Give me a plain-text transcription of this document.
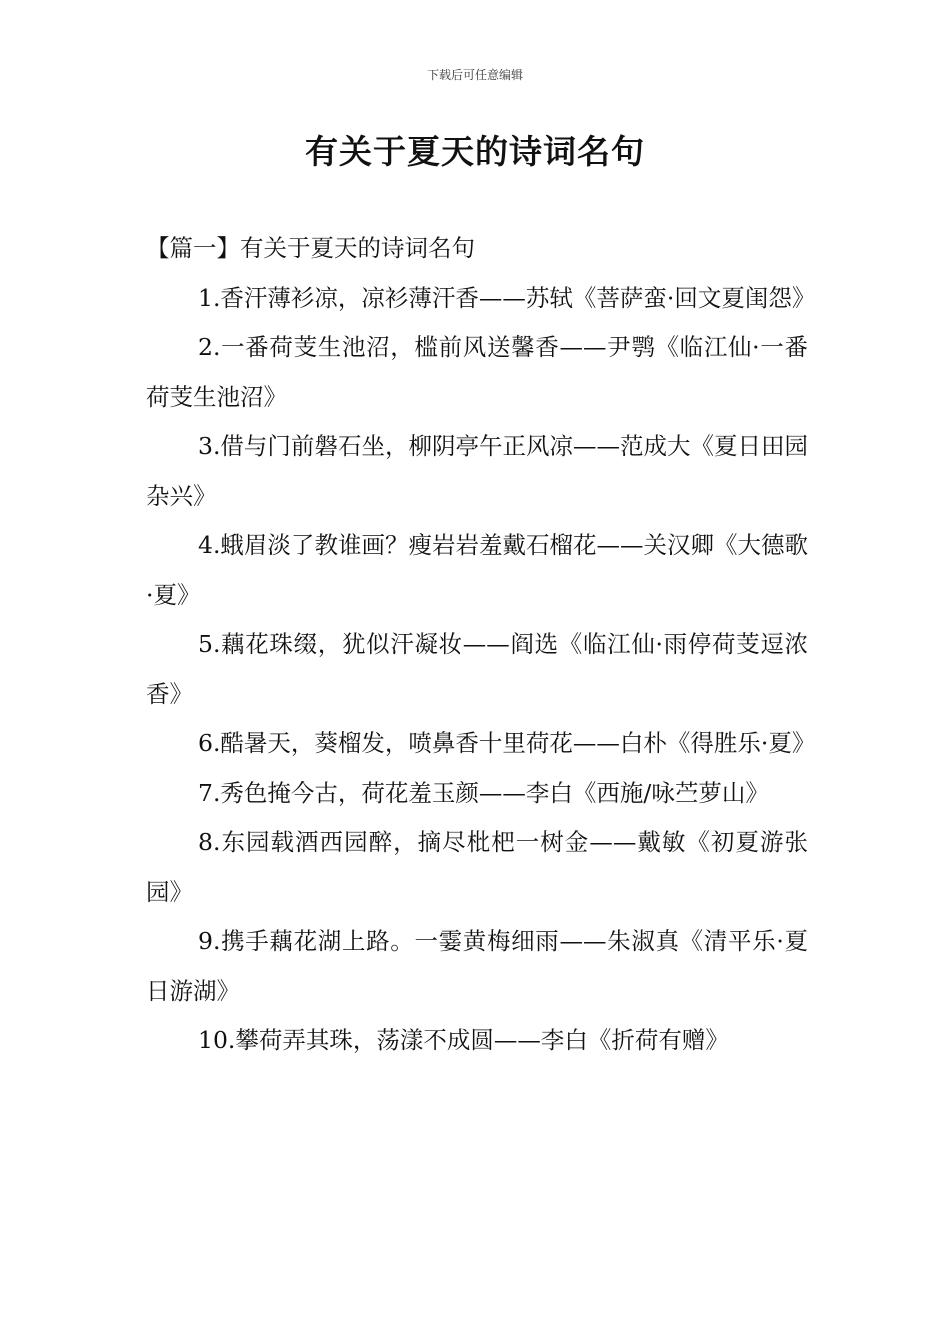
下载后可任意编辑
有关于夏天的诗词名句

【篇一】有关于夏天的诗词名句

1.香汗薄衫凉，凉衫薄汗香——苏轼《菩萨蛮·回文夏闺怨》

2.一番荷芰生池沼，槛前风送馨香——尹鹗《临江仙·一番荷芰生池沼》

3.借与门前磐石坐，柳阴亭午正风凉——范成大《夏日田园杂兴》

4.蛾眉淡了教谁画？瘦岩岩羞戴石榴花——关汉卿《大德歌·夏》

5.藕花珠缀，犹似汗凝妆——阎选《临江仙·雨停荷芰逗浓香》

6.酷暑天，葵榴发，喷鼻香十里荷花——白朴《得胜乐·夏》

7.秀色掩今古，荷花羞玉颜——李白《西施/咏苎萝山》

8.东园载酒西园醉，摘尽枇杷一树金——戴敏《初夏游张园》

9.携手藕花湖上路。一霎黄梅细雨——朱淑真《清平乐·夏日游湖》

10.攀荷弄其珠，荡漾不成圆——李白《折荷有赠》
